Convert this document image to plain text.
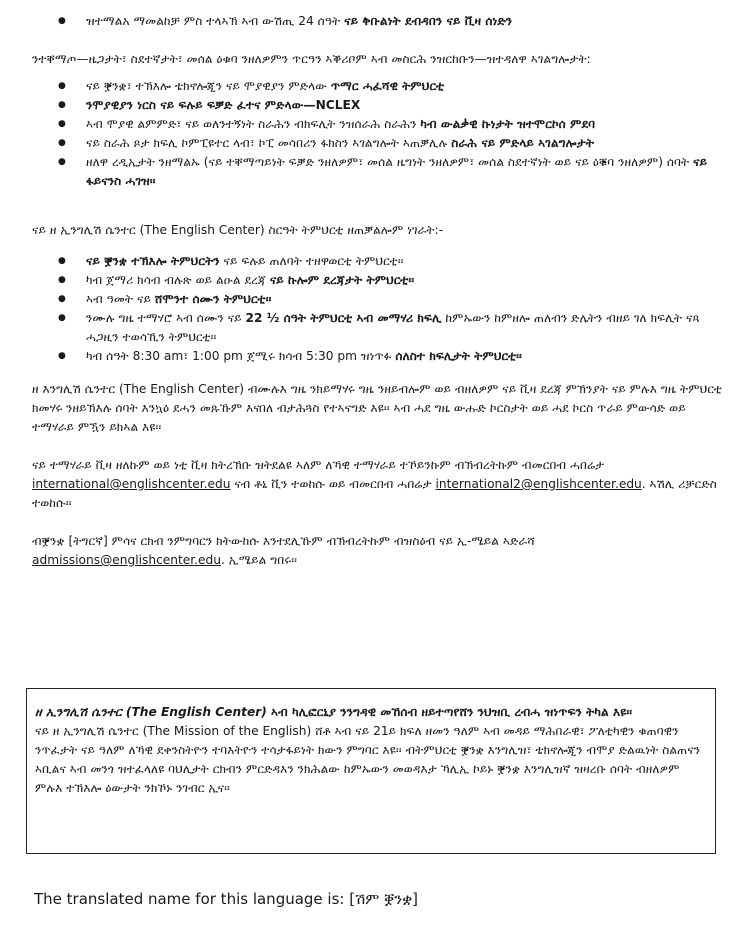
● ዝተማልአ ማመልከቻ ምስ ተላኣኽ ኣብ ውሽጢ 24 ሰዓት ናይ ቅቡልነት ደብዳበን ናይ ቪዛ ሰነድን

ንተቐማጦ—ዜጋታት፣ ስደተኛታት፣ መሰል ዕቁባ ንዘለዎምን ጥርዓን ኣቕሪቦም ኣብ መስርሕ ንዝርከቡን—ዝተዳለዋ ኣገልግሎታት:

● ናይ ቛንቋ፣ ተኽእሎ ቴክኖሎጂን ናይ ሞያዊያን ምድላው ጥማር ሓፈሻዊ ትምህርቲ
● ንሞያዊያን ነርስ ናይ ፍሉይ ፍቓድ ፈተና ምድላው—NCLEX
● ኣብ ሞያዊ ልምምድ፣ ናይ ወለንተኝነት ስራሕን ብክፍሊት ንዝሰራሕ ስራሕን ካብ ውልቃዊ ኩነታት ዝተሞርኮሰ ምደባ
● ናይ ስራሕ ጾታ ክፍሊ ኮምፒዩተር ላብ፣ ኮፒ መሳበሪን ፋክስን ኣገልግሎት ኣጠቓሊሉ ስራሕ ናይ ምድላይ ኣገልግሎታት
● ዘለዋ ረዲኢታት ንዘማልኡ (ናይ ተቐማጣይነት ፍቓድ ንዘለዎም፣ መሰል ዜግነት ንዘለዎም፣ መሰል ስደተኛነት ወይ ናይ ዕቑባ ንዘለዎም) ሰባት ናይ ፋይናንስ ሓገዝ፡፡

ናይ ዘ ኢንግሊሽ ሴንተር (The English Center) ስርዓት ትምህርቲ ዘጠቓልሎም ነገራት:-

● ናይ ቛንቋ ተኽእሎ ትምህርትን ናይ ፍሉይ ጠለባት ተዘዋወርቲ ትምህርቲ፡፡
● ካብ ጀማሪ ክሳብ ብሉጽ ወይ ልዑል ደረጃ ናይ ኩሎም ደረጃታት ትምህርቲ፡፡
● ኣብ ዓመት ናይ ሸሞንተ ሰሙን ትምህርቲ፡፡
● ንሙሉ ግዜ ተማሃሮ ኣብ ሰሙን ናይ 22 ½ ሰዓት ትምህርቲ ኣብ መማሃሪ ክፍሊ ከምኡውን ከምዘሎ ጠለብን ድሌትን ብዘይ ገለ ክፍሊት ናጻ ሓጋዚን ተወሳኺን ትምህርቲ፡፡
● ካብ ሰዓት 8:30 am፣ 1:00 pm ጀሚሩ ክሳብ 5:30 pm ዝነጥፉ ሰለስተ ክፍሊታት ትምህርቲ፡፡

ዘ እንግሊሽ ሴንተር (The English Center) ብሙሉእ ግዜ ንክይማሃሩ ግዜ ንዘይብሎም ወይ ብዘለዎም ናይ ቪዛ ደረጃ ምኽንያት ናይ ምሉእ ግዜ ትምህርቲ ክመሃሩ ንዘይኽእሉ ሰባት እንኳዕ ደሓን መጹኹም እናበለ ብታሕጓስ የተኣናግድ እዩ፡፡ ኣብ ሓደ ግዜ ውሑድ ኮርስታት ወይ ሓደ ኮርስ ጥራይ ምውሳድ ወይ ተማሃራይ ምዃን ይክኣል እዩ፡፡

ናይ ተማሃራይ ቪዛ ዘለኩም ወይ ነቲ ቪዛ ክትረኽቡ ዝትደልዩ ኣለም ለኻዊ ተማሃራይ ተኾይንኩም ብኽብረትኩም ብመርበብ ሓበሬታ international@englishcenter.edu ናብ ቶኒ ቪን ተወከሱ ወይ ብመርበብ ሓበሬታ international2@englishcenter.edu. ኣሽሊ ሪቻርድስ ተወከሱ፡፡

ብቛንቋ [ትግርኛ] ምሳና ርክብ ንምግባርን ክትውከሱ እንተደሊኹም ብኽብረትኩም ብዝስዕብ ናይ ኢ-ሜይል ኣድራሻ admissions@englishcenter.edu. ኢሜይል ግበሩ፡፡

ዘ ኢንግሊሽ ሴንተር (The English Center) ኣብ ካሊፎርኒያ ንንግዳዊ መኸሰብ ዘይተጣየሸን ንህዝቢ ረብሓ ዝነጥፍን ትካል እዩ፡፡

ናይ ዘ ኢንግሊሽ ሴንተር (The Mission of the English) ሸቶ ኣብ ናይ 21ይ ክፍለ ዘመን ዓለም ኣብ መዳይ ማሕበራዊ፣ ፖለቲካዊን ቁጠባዊን ንጥፈታት ናይ ዓለም ለኻዊ ደቀንስትዮን ተባእትዮን ተሳታፋይነት ክውን ምግባር እዩ፡፡ ብትምህርቲ ቛንቋ እንግሊዝ፣ ቴክኖሎጂን ብሞያ ድልዉነት ስልጠናን ኣቢልና ኣብ መንጎ ዝተፈላለዩ ባህሊታት ርክብን ምርድዳእን ንክሕልው ከምኡውን መወዳእታ ኻሊኢ ኮይኑ ቛንቋ እንግሊዝኛ ዝዛረቡ ሰባት ብዘለዎም ምሉእ ተኽእሎ ዕውታት ንክኾኑ ንገብር ኢና፡፡

The translated name for this language is: [ሽም ቛንቋ]
